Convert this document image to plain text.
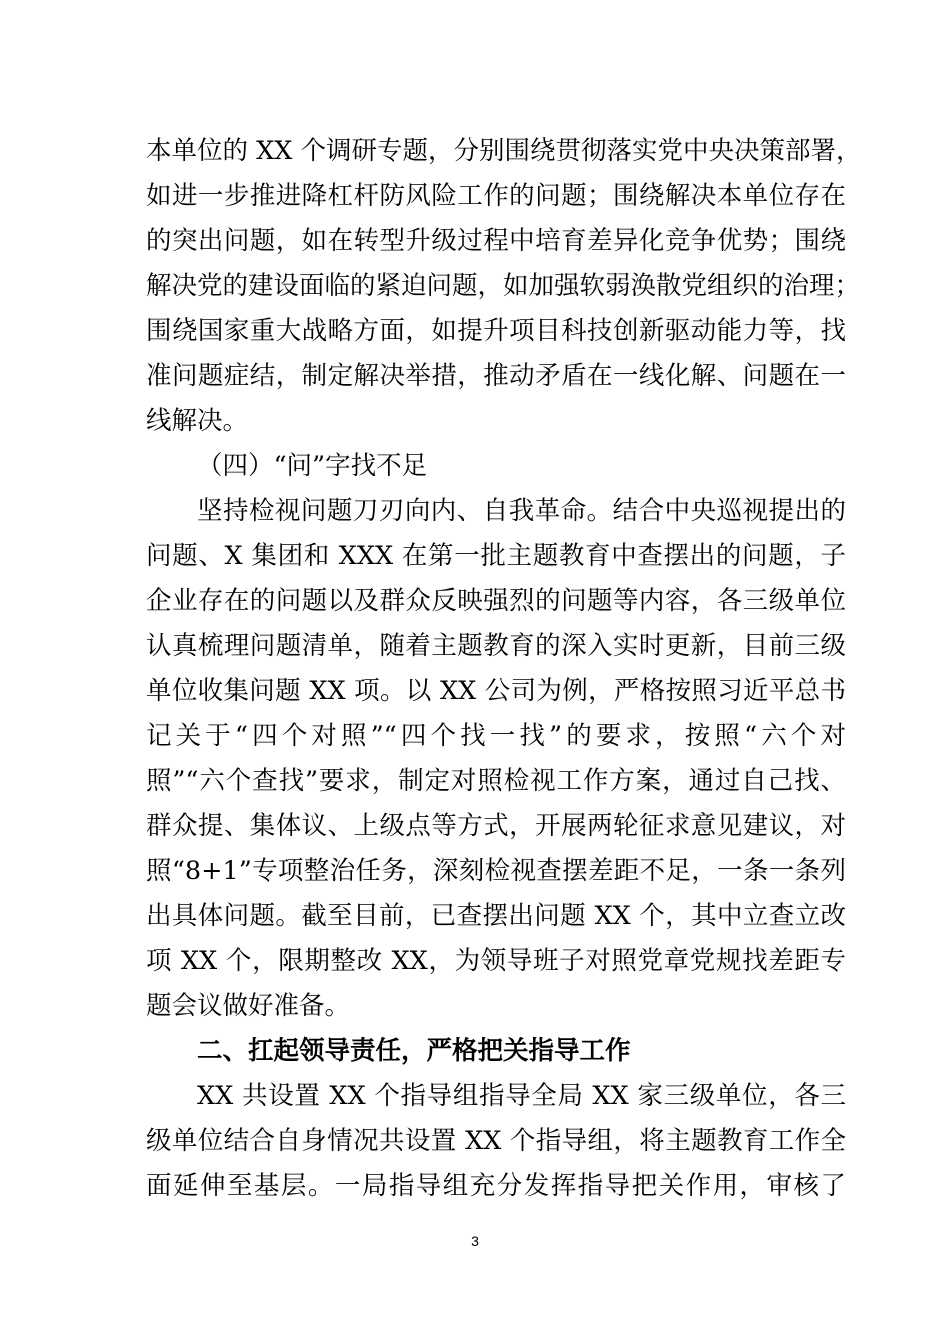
本单位的 XX 个调研专题，分别围绕贯彻落实党中央决策部署，
如进一步推进降杠杆防风险工作的问题；围绕解决本单位存在
的突出问题，如在转型升级过程中培育差异化竞争优势；围绕
解决党的建设面临的紧迫问题，如加强软弱涣散党组织的治理；
围绕国家重大战略方面，如提升项目科技创新驱动能力等，找
准问题症结，制定解决举措，推动矛盾在一线化解、问题在一
线解决。
（四）“问”字找不足
坚持检视问题刀刃向内、自我革命。结合中央巡视提出的
问题、X 集团和 XXX 在第一批主题教育中查摆出的问题，子
企业存在的问题以及群众反映强烈的问题等内容，各三级单位
认真梳理问题清单，随着主题教育的深入实时更新，目前三级
单位收集问题 XX 项。以 XX 公司为例，严格按照习近平总书
记关于“四个对照”“四个找一找”的要求，按照“六个对
照”“六个查找”要求，制定对照检视工作方案，通过自己找、
群众提、集体议、上级点等方式，开展两轮征求意见建议，对
照“8+1”专项整治任务，深刻检视查摆差距不足，一条一条列
出具体问题。截至目前，已查摆出问题 XX 个，其中立查立改
项 XX 个，限期整改 XX，为领导班子对照党章党规找差距专
题会议做好准备。
二、扛起领导责任，严格把关指导工作
XX 共设置 XX 个指导组指导全局 XX 家三级单位，各三
级单位结合自身情况共设置 XX 个指导组，将主题教育工作全
面延伸至基层。一局指导组充分发挥指导把关作用，审核了
3
